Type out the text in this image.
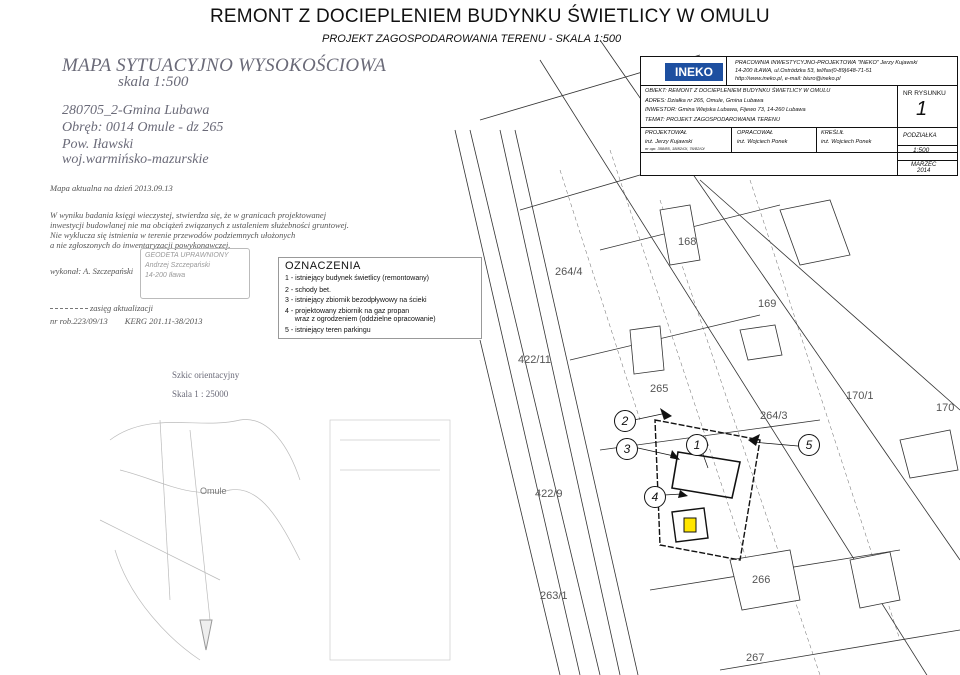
REMONT Z DOCIEPLENIEM BUDYNKU ŚWIETLICY W OMULU
PROJEKT ZAGOSPODAROWANIA TERENU - SKALA 1:500
MAPA SYTUACYJNO WYSOKOŚCIOWA
skala 1:500
280705_2-Gmina Lubawa
Obręb: 0014 Omule - dz 265
Pow. Iławski
woj.warmińsko-mazurskie
Mapa aktualna na dzień 2013.09.13
W wyniku badania księgi wieczystej, stwierdza się, że w granicach projektowanej
inwestycji budowlanej nie ma obciążeń związanych z ustaleniem służebności gruntowej.
Nie wyklucza się istnienia w terenie przewodów podziemnych ułożonych
a nie zgłoszonych do inwentaryzacji powykonawczej.
wykonał: A. Szczepański
zasięg aktualizacji
nr rob.223/09/13        KERG 201.11-38/2013
GEODETA UPRAWNIONY
Andrzej Szczepański
14-200 Iława
Szkic orientacyjny
Skala 1 : 25000
Omule
168
169
264/4
264/3
265
170/1
422/11
422/9
263/1
266
267
170
2
3	1
4
5
OZNACZENIA
1 - istniejący budynek świetlicy (remontowany)
2 - schody bet.
3 - istniejący zbiornik bezodpływowy na ścieki
4 - projektowany zbiornik na gaz propan
wraz z ogrodzeniem (oddzielne opracowanie)
5 - istniejący teren parkingu
INEKO
PRACOWNIA INWESTYCYJNO-PROJEKTOWA "INEKO" Jerzy Kujawski
14-200 IŁAWA, ul.Ostródzka 53, tel/fax(0-89)648-71-51
http://www.ineko.pl, e-mail: biuro@ineko.pl
OBIEKT: REMONT Z DOCIEPLENIEM BUDYNKU ŚWIETLICY W OMULU
ADRES: Działka nr 265, Omule, Gmina Lubawa
INWESTOR: Gmina Wiejska Lubawa, Fijewo 73, 14-260 Lubawa
TEMAT: PROJEKT ZAGOSPODAROWANIA TERENU
NR RYSUNKU
PROJEKTOWAŁ
inż. Jerzy Kujawski
nr upr. 358/85, 18/82/Ol, 76/82/Ol
OPRACOWAŁ
inż. Wojciech Ponek
KREŚLIŁ
inż. Wojciech Ponek
PODZIAŁKA
1:500
MARZEC
2014
1
